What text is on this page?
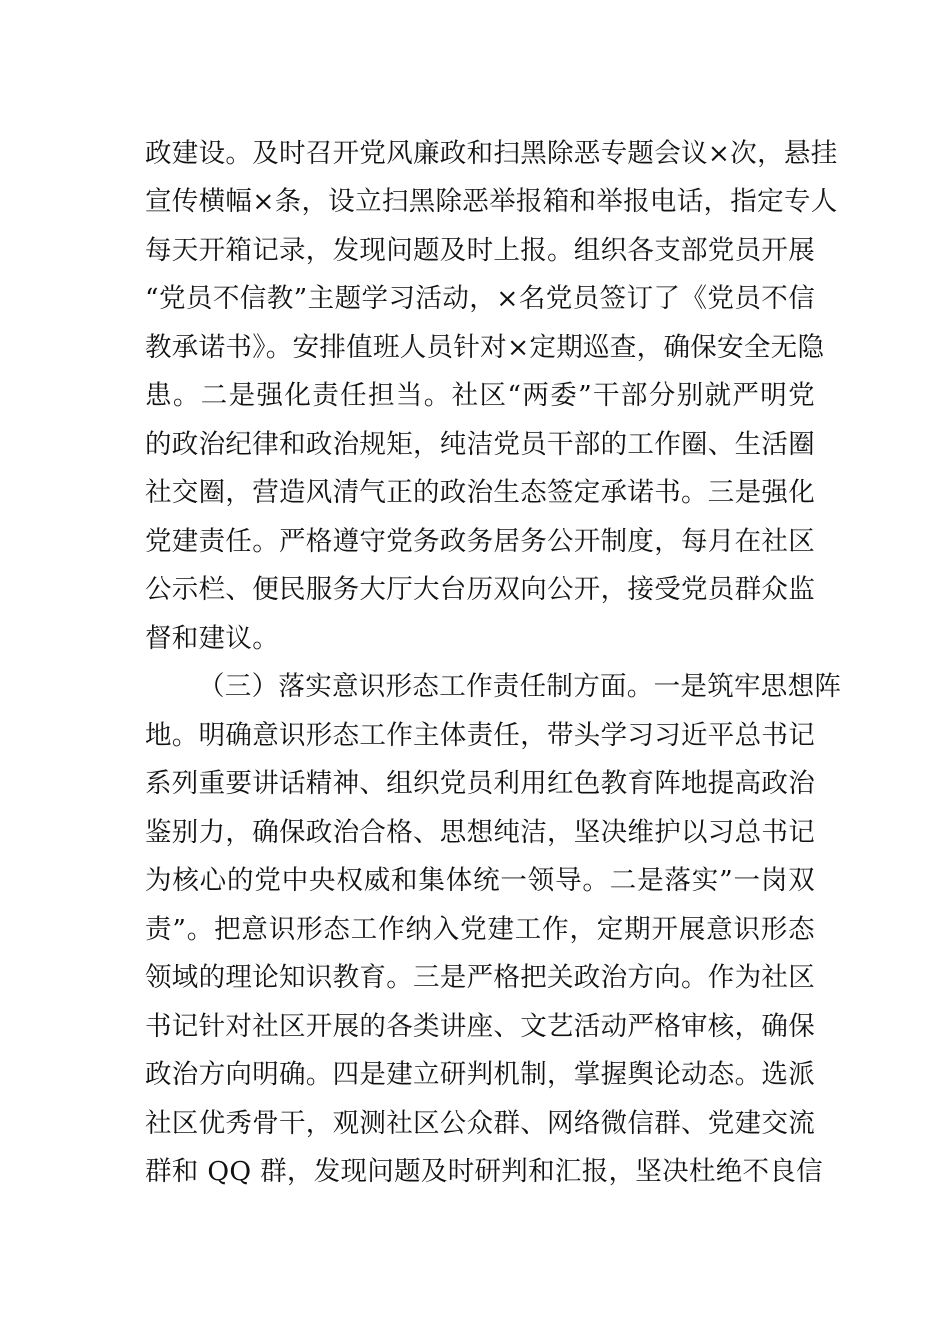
政建设。及时召开党风廉政和扫黑除恶专题会议×次，悬挂
宣传横幅×条，设立扫黑除恶举报箱和举报电话，指定专人
每天开箱记录，发现问题及时上报。组织各支部党员开展
“党员不信教”主题学习活动，×名党员签订了《党员不信
教承诺书》。安排值班人员针对×定期巡查，确保安全无隐
患。二是强化责任担当。社区“两委”干部分别就严明党
的政治纪律和政治规矩，纯洁党员干部的工作圈、生活圈
社交圈，营造风清气正的政治生态签定承诺书。三是强化
党建责任。严格遵守党务政务居务公开制度，每月在社区
公示栏、便民服务大厅大台历双向公开，接受党员群众监
督和建议。
（三）落实意识形态工作责任制方面。一是筑牢思想阵
地。明确意识形态工作主体责任，带头学习习近平总书记
系列重要讲话精神、组织党员利用红色教育阵地提高政治
鉴别力，确保政治合格、思想纯洁，坚决维护以习总书记
为核心的党中央权威和集体统一领导。二是落实”一岗双
责”。把意识形态工作纳入党建工作，定期开展意识形态
领域的理论知识教育。三是严格把关政治方向。作为社区
书记针对社区开展的各类讲座、文艺活动严格审核，确保
政治方向明确。四是建立研判机制，掌握舆论动态。选派
社区优秀骨干，观测社区公众群、网络微信群、党建交流
群和 QQ 群，发现问题及时研判和汇报，坚决杜绝不良信
